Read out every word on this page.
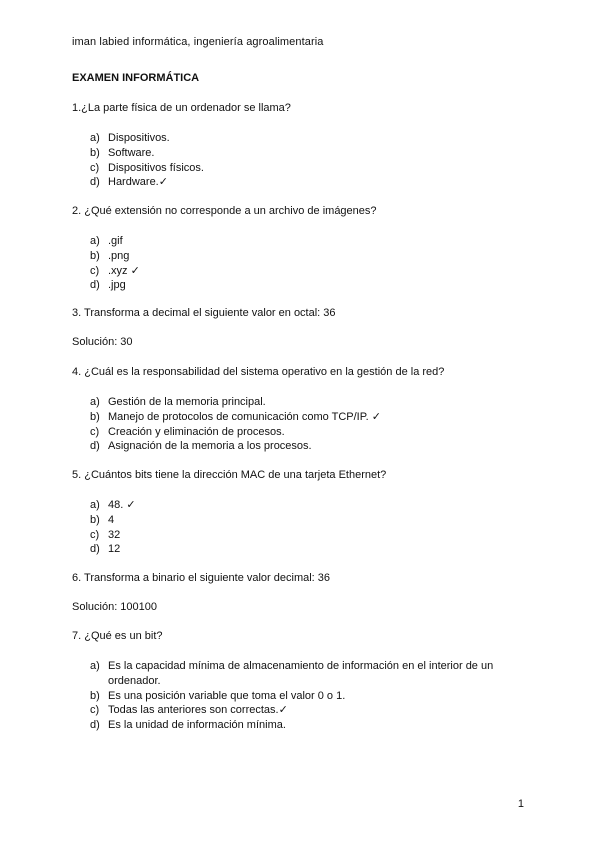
iman labied informática, ingeniería agroalimentaria
EXAMEN INFORMÁTICA
1.¿La parte física de un ordenador se llama?
a) Dispositivos.
b) Software.
c) Dispositivos físicos.
d) Hardware.✓
2. ¿Qué extensión no corresponde a un archivo de imágenes?
a) .gif
b) .png
c) .xyz ✓
d) .jpg
3. Transforma a decimal el siguiente valor en octal: 36
Solución: 30
4. ¿Cuál es la responsabilidad del sistema operativo en la gestión de la red?
a) Gestión de la memoria principal.
b) Manejo de protocolos de comunicación como TCP/IP. ✓
c) Creación y eliminación de procesos.
d) Asignación de la memoria a los procesos.
5. ¿Cuántos bits tiene la dirección MAC de una tarjeta Ethernet?
a) 48. ✓
b) 4
c) 32
d) 12
6. Transforma a binario el siguiente valor decimal: 36
Solución: 100100
7. ¿Qué es un bit?
a) Es la capacidad mínima de almacenamiento de información en el interior de un
ordenador.
b) Es una posición variable que toma el valor 0 o 1.
c) Todas las anteriores son correctas.✓
d) Es la unidad de información mínima.
1
